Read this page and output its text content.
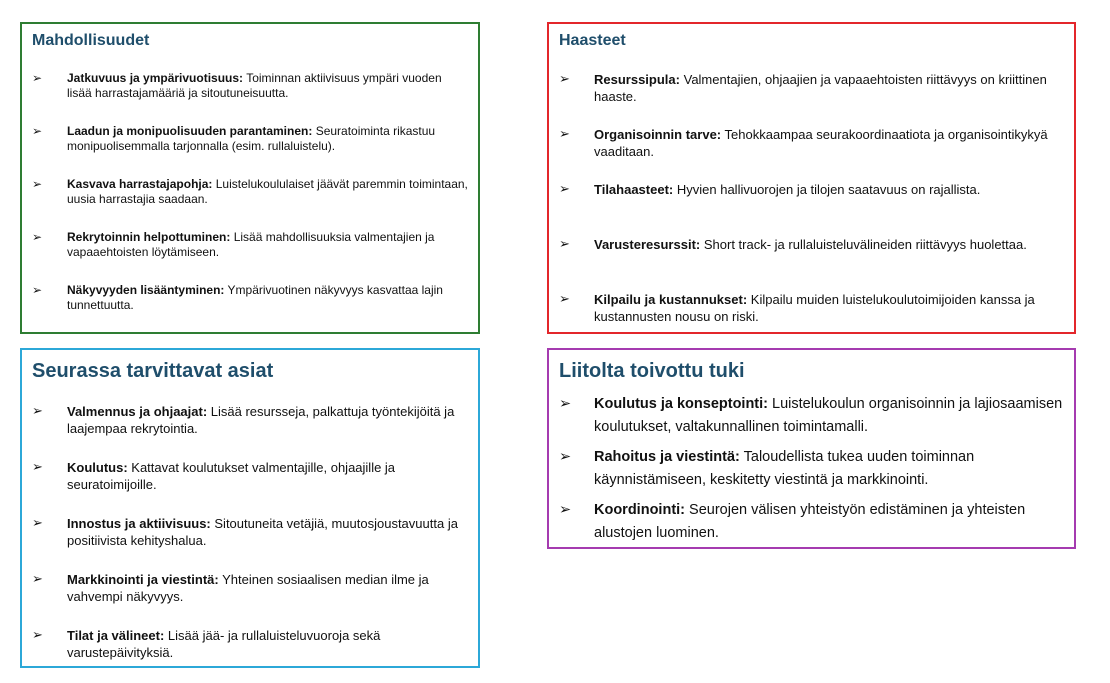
Mahdollisuudet
➢ Jatkuvuus ja ympärivuotisuus: Toiminnan aktiivisuus ympäri vuoden lisää harrastajamääriä ja sitoutuneisuutta.
➢ Laadun ja monipuolisuuden parantaminen: Seuratoiminta rikastuu monipuolisemmalla tarjonnalla (esim. rullaluistelu).
➢ Kasvava harrastajapohja: Luistelukoululaiset jäävät paremmin toimintaan, uusia harrastajia saadaan.
➢ Rekrytoinnin helpottuminen: Lisää mahdollisuuksia valmentajien ja vapaaehtoisten löytämiseen.
➢ Näkyvyyden lisääntyminen: Ympärivuotinen näkyvyys kasvattaa lajin tunnettuutta.
Haasteet
➢ Resurssipula: Valmentajien, ohjaajien ja vapaaehtoisten riittävyys on kriittinen haaste.
➢ Organisoinnin tarve: Tehokkaampaa seurakoordinaatiota ja organisointikykyä vaaditaan.
➢ Tilahaasteet: Hyvien hallivuorojen ja tilojen saatavuus on rajallista.
➢ Varusteresurssit: Short track- ja rullaluisteluvälineiden riittävyys huolettaa.
➢ Kilpailu ja kustannukset: Kilpailu muiden luistelukoulutoimijoiden kanssa ja kustannusten nousu on riski.
Seurassa tarvittavat asiat
➢ Valmennus ja ohjaajat: Lisää resursseja, palkattuja työntekijöitä ja laajempaa rekrytointia.
➢ Koulutus: Kattavat koulutukset valmentajille, ohjaajille ja seuratoimijoille.
➢ Innostus ja aktiivisuus: Sitoutuneita vetäjiä, muutosjoustavuutta ja positiivista kehityshalua.
➢ Markkinointi ja viestintä: Yhteinen sosiaalisen median ilme ja vahvempi näkyvyys.
➢ Tilat ja välineet: Lisää jää- ja rullaluisteluvuoroja sekä varustepäivityksiä.
Liitolta toivottu tuki
➢ Koulutus ja konseptointi: Luistelukoulun organisoinnin ja lajiosaamisen koulutukset, valtakunnallinen toimintamalli.
➢ Rahoitus ja viestintä: Taloudellista tukea uuden toiminnan käynnistämiseen, keskitetty viestintä ja markkinointi.
➢ Koordinointi: Seurojen välisen yhteistyön edistäminen ja yhteisten alustojen luominen.
